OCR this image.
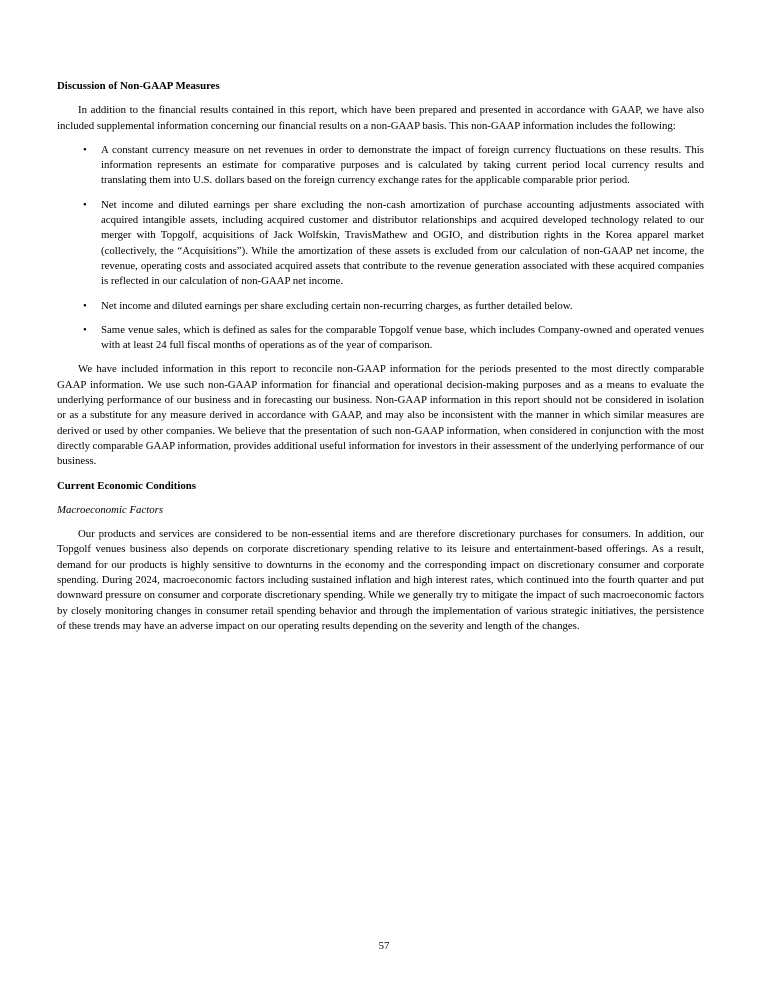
Discussion of Non-GAAP Measures

In addition to the financial results contained in this report, which have been prepared and presented in accordance with GAAP, we have also included supplemental information concerning our financial results on a non-GAAP basis. This non-GAAP information includes the following:

• A constant currency measure on net revenues in order to demonstrate the impact of foreign currency fluctuations on these results. This information represents an estimate for comparative purposes and is calculated by taking current period local currency results and translating them into U.S. dollars based on the foreign currency exchange rates for the applicable comparable prior period.
• Net income and diluted earnings per share excluding the non-cash amortization of purchase accounting adjustments associated with acquired intangible assets, including acquired customer and distributor relationships and acquired developed technology related to our merger with Topgolf, acquisitions of Jack Wolfskin, TravisMathew and OGIO, and distribution rights in the Korea apparel market (collectively, the “Acquisitions”). While the amortization of these assets is excluded from our calculation of non-GAAP net income, the revenue, operating costs and associated acquired assets that contribute to the revenue generation associated with these acquired companies is reflected in our calculation of non-GAAP net income.
• Net income and diluted earnings per share excluding certain non-recurring charges, as further detailed below.
• Same venue sales, which is defined as sales for the comparable Topgolf venue base, which includes Company-owned and operated venues with at least 24 full fiscal months of operations as of the year of comparison.

We have included information in this report to reconcile non-GAAP information for the periods presented to the most directly comparable GAAP information. We use such non-GAAP information for financial and operational decision-making purposes and as a means to evaluate the underlying performance of our business and in forecasting our business. Non-GAAP information in this report should not be considered in isolation or as a substitute for any measure derived in accordance with GAAP, and may also be inconsistent with the manner in which similar measures are derived or used by other companies. We believe that the presentation of such non-GAAP information, when considered in conjunction with the most directly comparable GAAP information, provides additional useful information for investors in their assessment of the underlying performance of our business.

Current Economic Conditions
Macroeconomic Factors

Our products and services are considered to be non-essential items and are therefore discretionary purchases for consumers. In addition, our Topgolf venues business also depends on corporate discretionary spending relative to its leisure and entertainment-based offerings. As a result, demand for our products is highly sensitive to downturns in the economy and the corresponding impact on discretionary consumer and corporate spending. During 2024, macroeconomic factors including sustained inflation and high interest rates, which continued into the fourth quarter and put downward pressure on consumer and corporate discretionary spending. While we generally try to mitigate the impact of such macroeconomic factors by closely monitoring changes in consumer retail spending behavior and through the implementation of various strategic initiatives, the persistence of these trends may have an adverse impact on our operating results depending on the severity and length of the changes.

57
